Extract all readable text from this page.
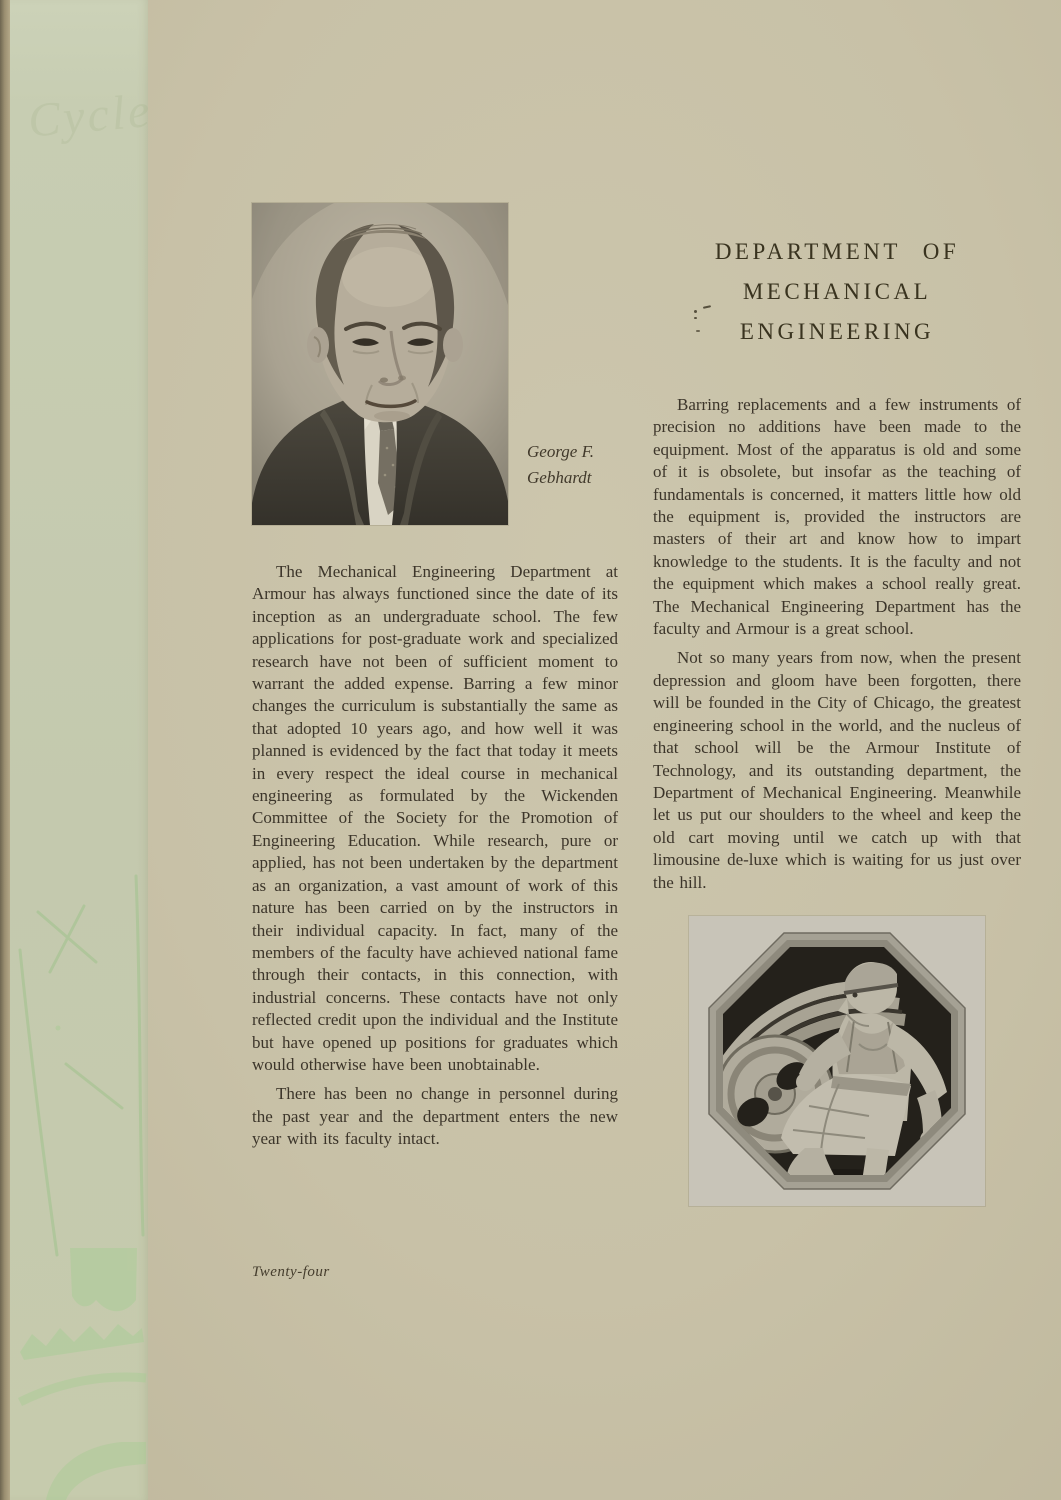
Cycle
George F.
Gebhardt

The Mechanical Engineering Department at Armour has always functioned since the date of its inception as an undergraduate school. The few applications for post-graduate work and specialized research have not been of sufficient moment to warrant the added expense. Barring a few minor changes the curriculum is substantially the same as that adopted 10 years ago, and how well it was planned is evidenced by the fact that today it meets in every respect the ideal course in mechanical engineering as formulated by the Wickenden Committee of the Society for the Promotion of Engineering Education. While research, pure or applied, has not been undertaken by the department as an organization, a vast amount of work of this nature has been carried on by the instructors in their individual capacity. In fact, many of the members of the faculty have achieved national fame through their contacts, in this connection, with industrial concerns. These contacts have not only reflected credit upon the individual and the Institute but have opened up positions for graduates which would otherwise have been unobtainable.

There has been no change in personnel during the past year and the department enters the new year with its faculty intact.

DEPARTMENT OF
MECHANICAL ENGINEERING

Barring replacements and a few instruments of precision no additions have been made to the equipment. Most of the apparatus is old and some of it is obsolete, but insofar as the teaching of fundamentals is concerned, it matters little how old the equipment is, provided the instructors are masters of their art and know how to impart knowledge to the students. It is the faculty and not the equipment which makes a school really great. The Mechanical Engineering Department has the faculty and Armour is a great school.

Not so many years from now, when the present depression and gloom have been forgotten, there will be founded in the City of Chicago, the greatest engineering school in the world, and the nucleus of that school will be the Armour Institute of Technology, and its outstanding department, the Department of Mechanical Engineering. Meanwhile let us put our shoulders to the wheel and keep the old cart moving until we catch up with that limousine de-luxe which is waiting for us just over the hill.

Twenty-four
